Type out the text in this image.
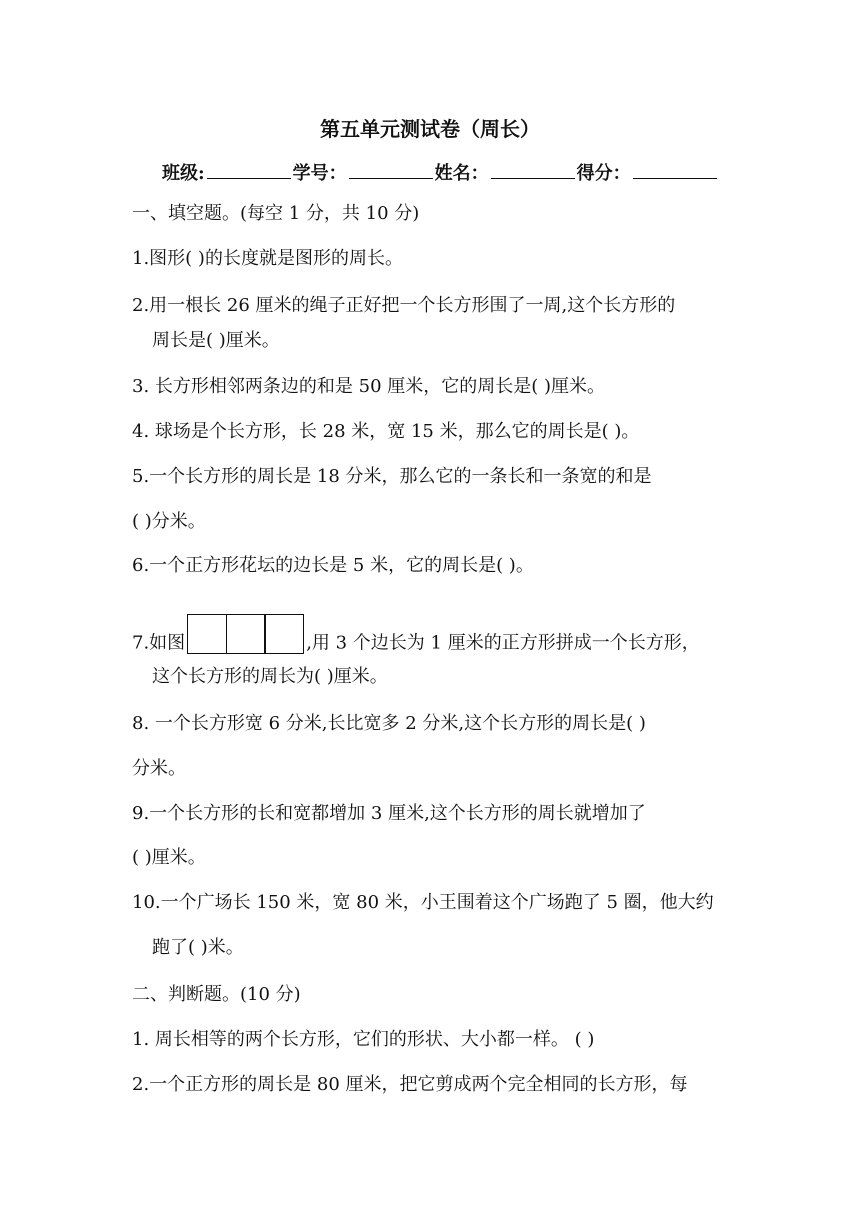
第五单元测试卷（周长）
班级:	学号：	姓名：	得分：
一、填空题。(每空 1 分，共 10 分)
1.图形( )的长度就是图形的周长。
2.用一根长 26 厘米的绳子正好把一个长方形围了一周,这个长方形的
周长是( )厘米。
3. 长方形相邻两条边的和是 50 厘米，它的周长是( )厘米。
4. 球场是个长方形，长 28 米，宽 15 米，那么它的周长是( )。
5.一个长方形的周长是 18 分米，那么它的一条长和一条宽的和是
( )分米。
6.一个正方形花坛的边长是 5 米，它的周长是( )。
7.如图	,用 3 个边长为 1 厘米的正方形拼成一个长方形，
这个长方形的周长为( )厘米。
8. 一个长方形宽 6 分米,长比宽多 2 分米,这个长方形的周长是( )
分米。
9.一个长方形的长和宽都增加 3 厘米,这个长方形的周长就增加了
( )厘米。
10.一个广场长 150 米，宽 80 米，小王围着这个广场跑了 5 圈，他大约
跑了( )米。
二、判断题。(10 分)
1. 周长相等的两个长方形，它们的形状、大小都一样。 ( )
2.一个正方形的周长是 80 厘米，把它剪成两个完全相同的长方形，每
